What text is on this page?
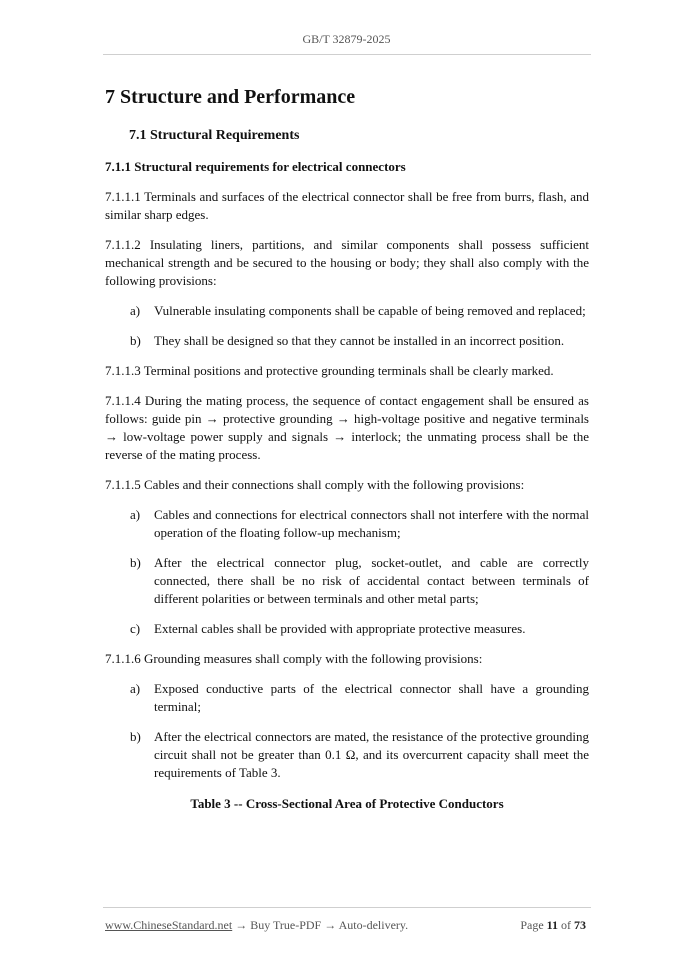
GB/T 32879-2025
7 Structure and Performance
7.1 Structural Requirements
7.1.1 Structural requirements for electrical connectors
7.1.1.1 Terminals and surfaces of the electrical connector shall be free from burrs, flash, and similar sharp edges.
7.1.1.2 Insulating liners, partitions, and similar components shall possess sufficient mechanical strength and be secured to the housing or body; they shall also comply with the following provisions:
a)	Vulnerable insulating components shall be capable of being removed and replaced;
b)	They shall be designed so that they cannot be installed in an incorrect position.
7.1.1.3 Terminal positions and protective grounding terminals shall be clearly marked.
7.1.1.4 During the mating process, the sequence of contact engagement shall be ensured as follows: guide pin → protective grounding → high-voltage positive and negative terminals → low-voltage power supply and signals → interlock; the unmating process shall be the reverse of the mating process.
7.1.1.5 Cables and their connections shall comply with the following provisions:
a)	Cables and connections for electrical connectors shall not interfere with the normal operation of the floating follow-up mechanism;
b)	After the electrical connector plug, socket-outlet, and cable are correctly connected, there shall be no risk of accidental contact between terminals of different polarities or between terminals and other metal parts;
c)	External cables shall be provided with appropriate protective measures.
7.1.1.6 Grounding measures shall comply with the following provisions:
a)	Exposed conductive parts of the electrical connector shall have a grounding terminal;
b)	After the electrical connectors are mated, the resistance of the protective grounding circuit shall not be greater than 0.1 Ω, and its overcurrent capacity shall meet the requirements of Table 3.
Table 3 -- Cross-Sectional Area of Protective Conductors
www.ChineseStandard.net → Buy True-PDF → Auto-delivery.	Page 11 of 73
